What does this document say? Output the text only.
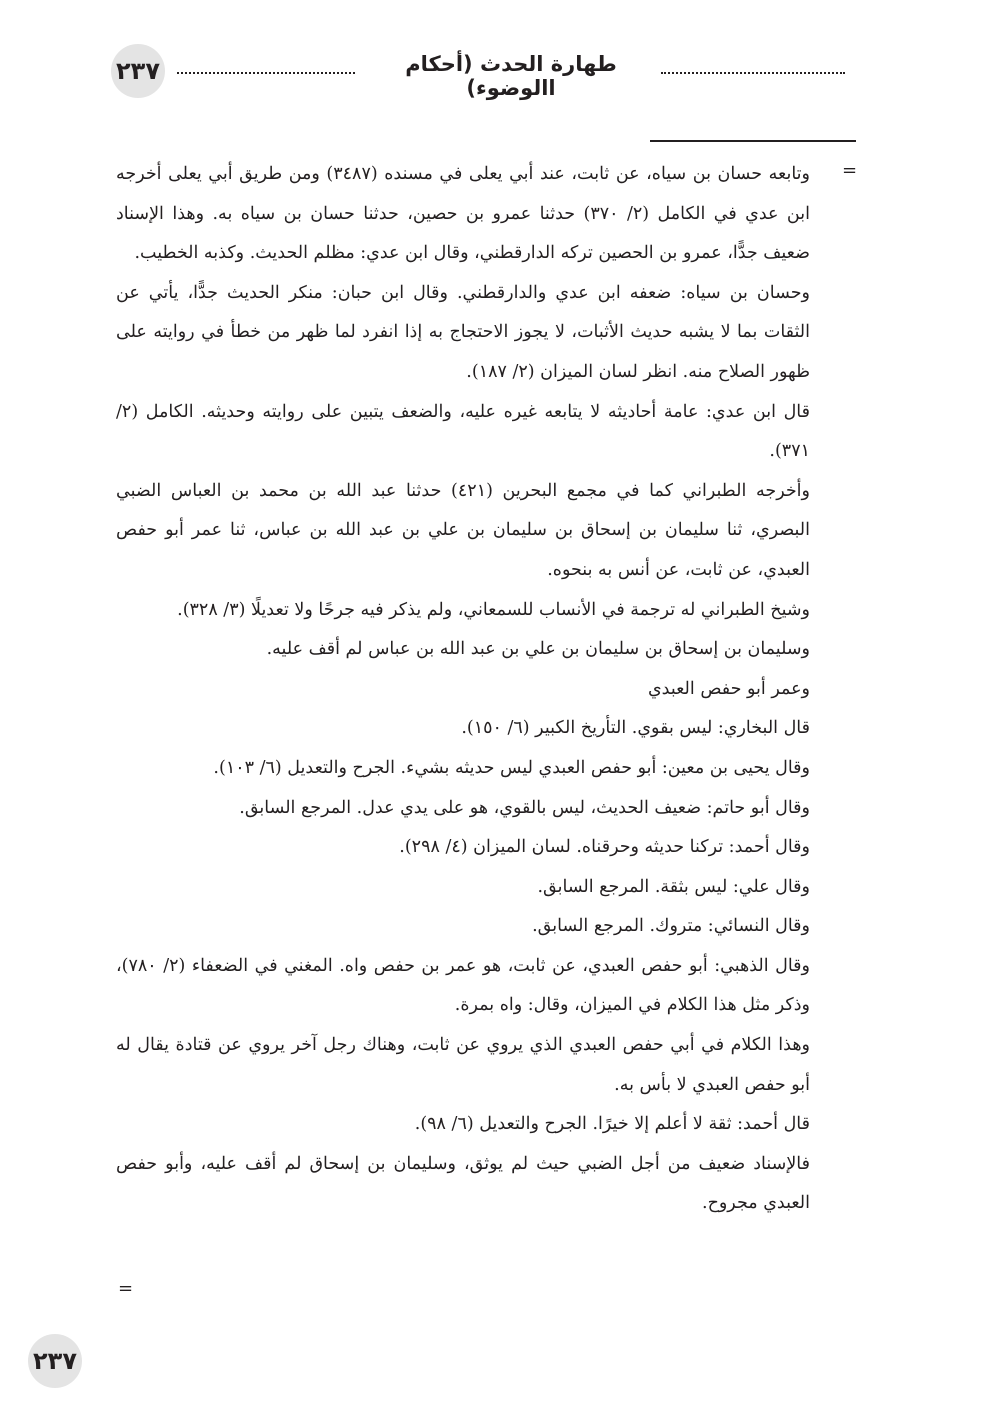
٢٣٧	طهارة الحدث (أحكام االوضوء)
=

وتابعه حسان بن سياه، عن ثابت، عند أبي يعلى في مسنده (٣٤٨٧) ومن طريق أبي يعلى أخرجه ابن عدي في الكامل (٢/ ٣٧٠) حدثنا عمرو بن حصين، حدثنا حسان بن سياه به. وهذا الإسناد ضعيف جدًّا، عمرو بن الحصين تركه الدارقطني، وقال ابن عدي: مظلم الحديث. وكذبه الخطيب.

وحسان بن سياه: ضعفه ابن عدي والدارقطني. وقال ابن حبان: منكر الحديث جدًّا، يأتي عن الثقات بما لا يشبه حديث الأثبات، لا يجوز الاحتجاج به إذا انفرد لما ظهر من خطأ في روايته على ظهور الصلاح منه. انظر لسان الميزان (٢/ ١٨٧).

قال ابن عدي: عامة أحاديثه لا يتابعه غيره عليه، والضعف يتبين على روايته وحديثه. الكامل (٢/ ٣٧١).

وأخرجه الطبراني كما في مجمع البحرين (٤٢١) حدثنا عبد الله بن محمد بن العباس الضبي البصري، ثنا سليمان بن إسحاق بن سليمان بن علي بن عبد الله بن عباس، ثنا عمر أبو حفص العبدي، عن ثابت، عن أنس به بنحوه.

وشيخ الطبراني له ترجمة في الأنساب للسمعاني، ولم يذكر فيه جرحًا ولا تعديلًا (٣/ ٣٢٨).

وسليمان بن إسحاق بن سليمان بن علي بن عبد الله بن عباس لم أقف عليه.

وعمر أبو حفص العبدي

قال البخاري: ليس بقوي. التأريخ الكبير (٦/ ١٥٠).

وقال يحيى بن معين: أبو حفص العبدي ليس حديثه بشيء. الجرح والتعديل (٦/ ١٠٣).

وقال أبو حاتم: ضعيف الحديث، ليس بالقوي، هو على يدي عدل. المرجع السابق.

وقال أحمد: تركنا حديثه وحرقناه. لسان الميزان (٤/ ٢٩٨).

وقال علي: ليس بثقة. المرجع السابق.

وقال النسائي: متروك. المرجع السابق.

وقال الذهبي: أبو حفص العبدي، عن ثابت، هو عمر بن حفص واه. المغني في الضعفاء (٢/ ٧٨٠)، وذكر مثل هذا الكلام في الميزان، وقال: واه بمرة.

وهذا الكلام في أبي حفص العبدي الذي يروي عن ثابت، وهناك رجل آخر يروي عن قتادة يقال له أبو حفص العبدي لا بأس به.

قال أحمد: ثقة لا أعلم إلا خيرًا. الجرح والتعديل (٦/ ٩٨).

فالإسناد ضعيف من أجل الضبي حيث لم يوثق، وسليمان بن إسحاق لم أقف عليه، وأبو حفص العبدي مجروح.

=
٢٣٧
